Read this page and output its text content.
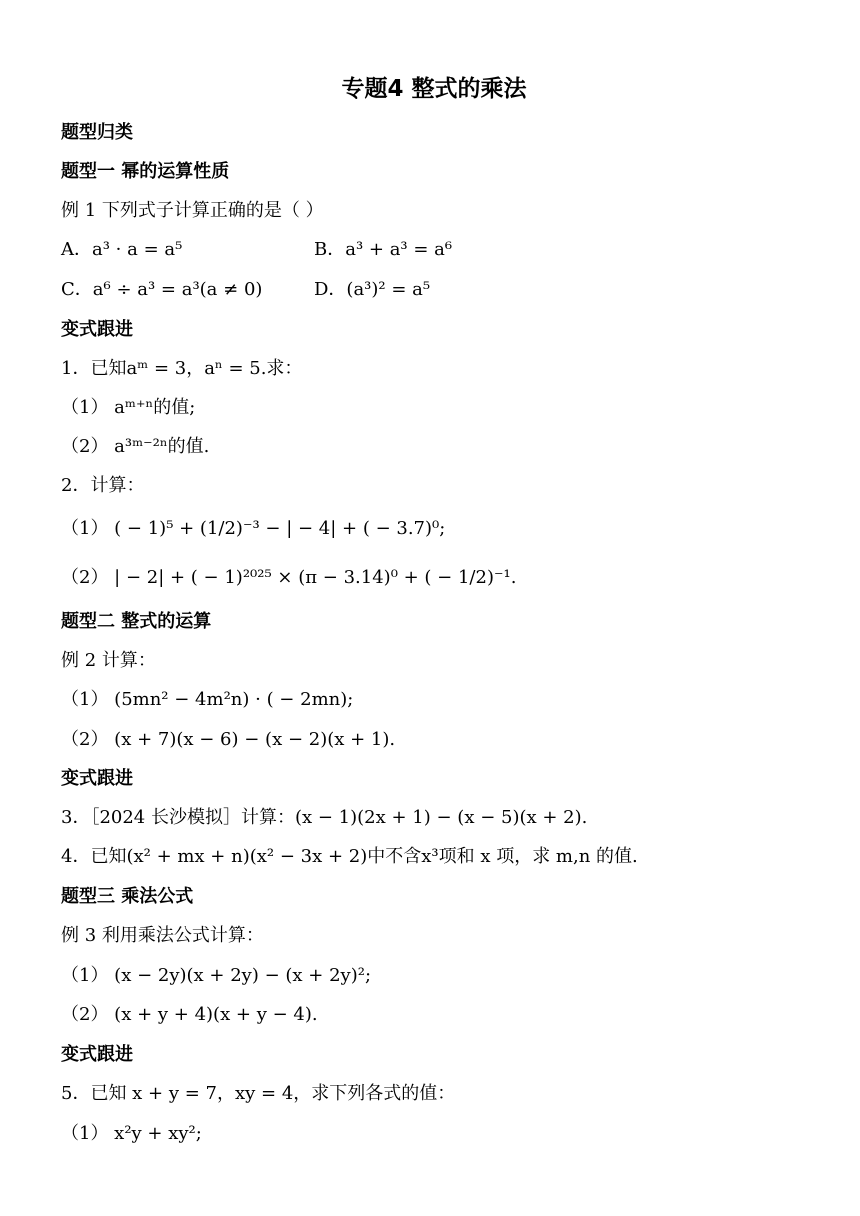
专题4 整式的乘法
题型归类
题型一 幂的运算性质
例 1 下列式子计算正确的是（ ）
A．a³ · a = a⁵	B．a³ + a³ = a⁶
C．a⁶ ÷ a³ = a³(a ≠ 0)	D．(a³)² = a⁵
变式跟进
1．已知aᵐ = 3，aⁿ = 5.求：
（1） aᵐ⁺ⁿ的值;
（2） a³ᵐ⁻²ⁿ的值.
2．计算：
（1） ( − 1)⁵ + (1/2)⁻³ − | − 4| + ( − 3.7)⁰;
（2） | − 2| + ( − 1)²⁰²⁵ × (π − 3.14)⁰ + ( − 1/2)⁻¹.
题型二 整式的运算
例 2 计算：
（1） (5mn² − 4m²n) · ( − 2mn);
（2） (x + 7)(x − 6) − (x − 2)(x + 1).
变式跟进
3．［2024 长沙模拟］计算：(x − 1)(2x + 1) − (x − 5)(x + 2).
4．已知(x² + mx + n)(x² − 3x + 2)中不含x³项和 x 项，求 m,n 的值.
题型三 乘法公式
例 3 利用乘法公式计算：
（1） (x − 2y)(x + 2y) − (x + 2y)²;
（2） (x + y + 4)(x + y − 4).
变式跟进
5．已知 x + y = 7，xy = 4，求下列各式的值：
（1） x²y + xy²;
